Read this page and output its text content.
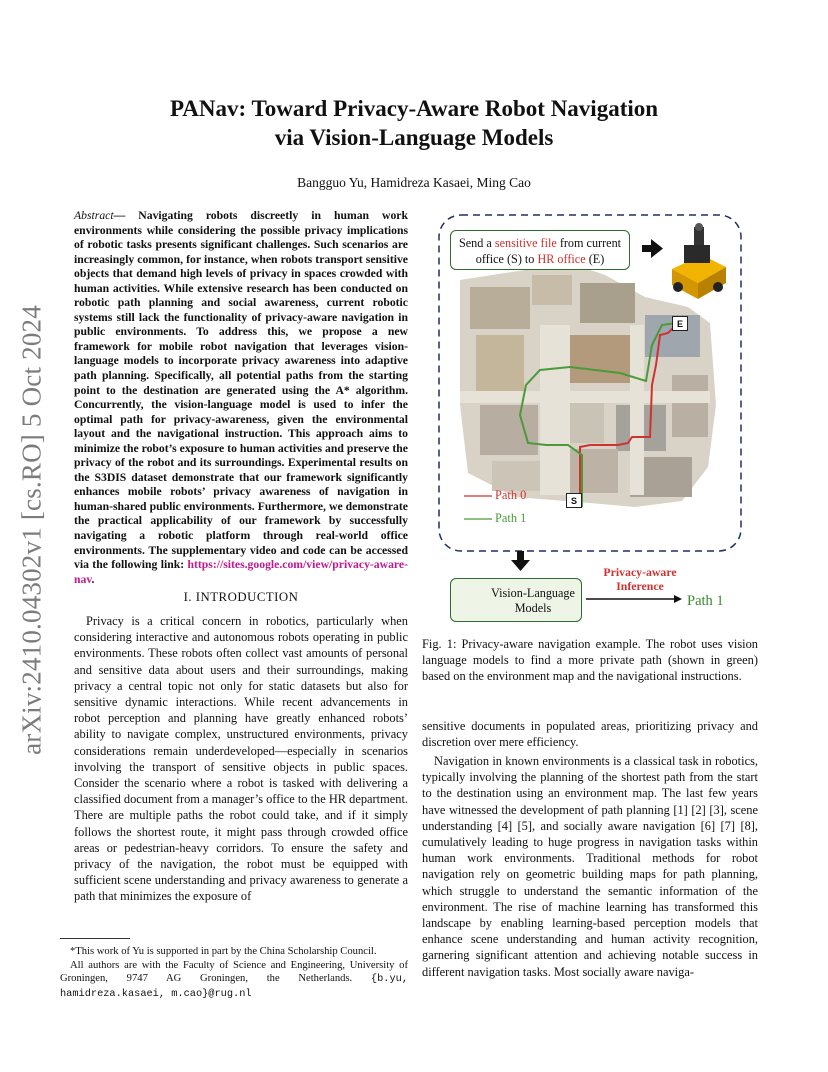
arXiv:2410.04302v1 [cs.RO] 5 Oct 2024
PANav: Toward Privacy-Aware Robot Navigation
via Vision-Language Models
Bangguo Yu, Hamidreza Kasaei, Ming Cao
Abstract— Navigating robots discreetly in human work environments while considering the possible privacy implications of robotic tasks presents significant challenges. Such scenarios are increasingly common, for instance, when robots transport sensitive objects that demand high levels of privacy in spaces crowded with human activities. While extensive research has been conducted on robotic path planning and social awareness, current robotic systems still lack the functionality of privacy-aware navigation in public environments. To address this, we propose a new framework for mobile robot navigation that leverages vision-language models to incorporate privacy awareness into adaptive path planning. Specifically, all potential paths from the starting point to the destination are generated using the A* algorithm. Concurrently, the vision-language model is used to infer the optimal path for privacy-awareness, given the environmental layout and the navigational instruction. This approach aims to minimize the robot’s exposure to human activities and preserve the privacy of the robot and its surroundings. Experimental results on the S3DIS dataset demonstrate that our framework significantly enhances mobile robots’ privacy awareness of navigation in human-shared public environments. Furthermore, we demonstrate the practical applicability of our framework by successfully navigating a robotic platform through real-world office environments. The supplementary video and code can be accessed via the following link: https://sites.google.com/view/privacy-aware-nav.
I. INTRODUCTION
Privacy is a critical concern in robotics, particularly when considering interactive and autonomous robots operating in public environments. These robots often collect vast amounts of personal and sensitive data about users and their surroundings, making privacy a central topic not only for static datasets but also for sensitive dynamic interactions. While recent advancements in robot perception and planning have greatly enhanced robots’ ability to navigate complex, unstructured environments, privacy considerations remain underdeveloped—especially in scenarios involving the transport of sensitive objects in public spaces. Consider the scenario where a robot is tasked with delivering a classified document from a manager’s office to the HR department. There are multiple paths the robot could take, and if it simply follows the shortest route, it might pass through crowded office areas or pedestrian-heavy corridors. To ensure the safety and privacy of the navigation, the robot must be equipped with sufficient scene understanding and privacy awareness to generate a path that minimizes the exposure of

*This work of Yu is supported in part by the China Scholarship Council.

All authors are with the Faculty of Science and Engineering, University of Groningen, 9747 AG Groningen, the Netherlands. {b.yu, hamidreza.kasaei, m.cao}@rug.nl

Send a sensitive file from current office (S) to HR office (E)
E
S
Path 0
Path 1
Vision-Language Models
Privacy-aware Inference
Path 1
Fig. 1: Privacy-aware navigation example. The robot uses vision language models to find a more private path (shown in green) based on the environment map and the navigational instructions.
sensitive documents in populated areas, prioritizing privacy and discretion over mere efficiency.
Navigation in known environments is a classical task in robotics, typically involving the planning of the shortest path from the start to the destination using an environment map. The last few years have witnessed the development of path planning [1] [2] [3], scene understanding [4] [5], and socially aware navigation [6] [7] [8], cumulatively leading to huge progress in navigation tasks within human work environments. Traditional methods for robot navigation rely on geometric building maps for path planning, which struggle to understand the semantic information of the environment. The rise of machine learning has transformed this landscape by enabling learning-based perception models that enhance scene understanding and human activity recognition, garnering significant attention and achieving notable success in different navigation tasks. Most socially aware naviga-
